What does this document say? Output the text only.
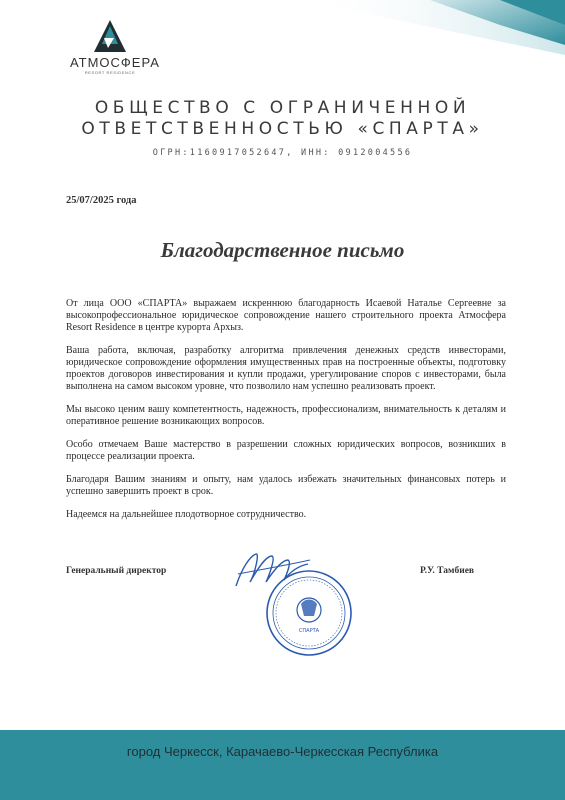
АТМОСФЕРА
RESORT RESIDENCE
ОБЩЕСТВО С ОГРАНИЧЕННОЙ
ОТВЕТСТВЕННОСТЬЮ «СПАРТА»
ОГРН:1160917052647, ИНН: 0912004556
25/07/2025 года
Благодарственное письмо

От лица ООО «СПАРТА» выражаем искреннюю благодарность Исаевой Наталье Сергеевне за высокопрофессиональное юридическое сопровождение нашего строительного проекта Атмосфера Resort Residence в центре курорта Архыз.

Ваша работа, включая, разработку алгоритма привлечения денежных средств инвесторами, юридическое сопровождение оформления имущественных прав на построенные объекты, подготовку проектов договоров инвестирования и купли продажи, урегулирование споров с инвесторами, была выполнена на самом высоком уровне, что позволило нам успешно реализовать проект.

Мы высоко ценим вашу компетентность, надежность, профессионализм, внимательность к деталям и оперативное решение возникающих вопросов.

Особо отмечаем Ваше мастерство в разрешении сложных юридических вопросов, возникших в процессе реализации проекта.

Благодаря Вашим знаниям и опыту, нам удалось избежать значительных финансовых потерь и успешно завершить проект в срок.

Надеемся на дальнейшее плодотворное сотрудничество.

Генеральный директор
СПАРТА
Р.У. Тамбиев
город Черкесск, Карачаево-Черкесская Республика
